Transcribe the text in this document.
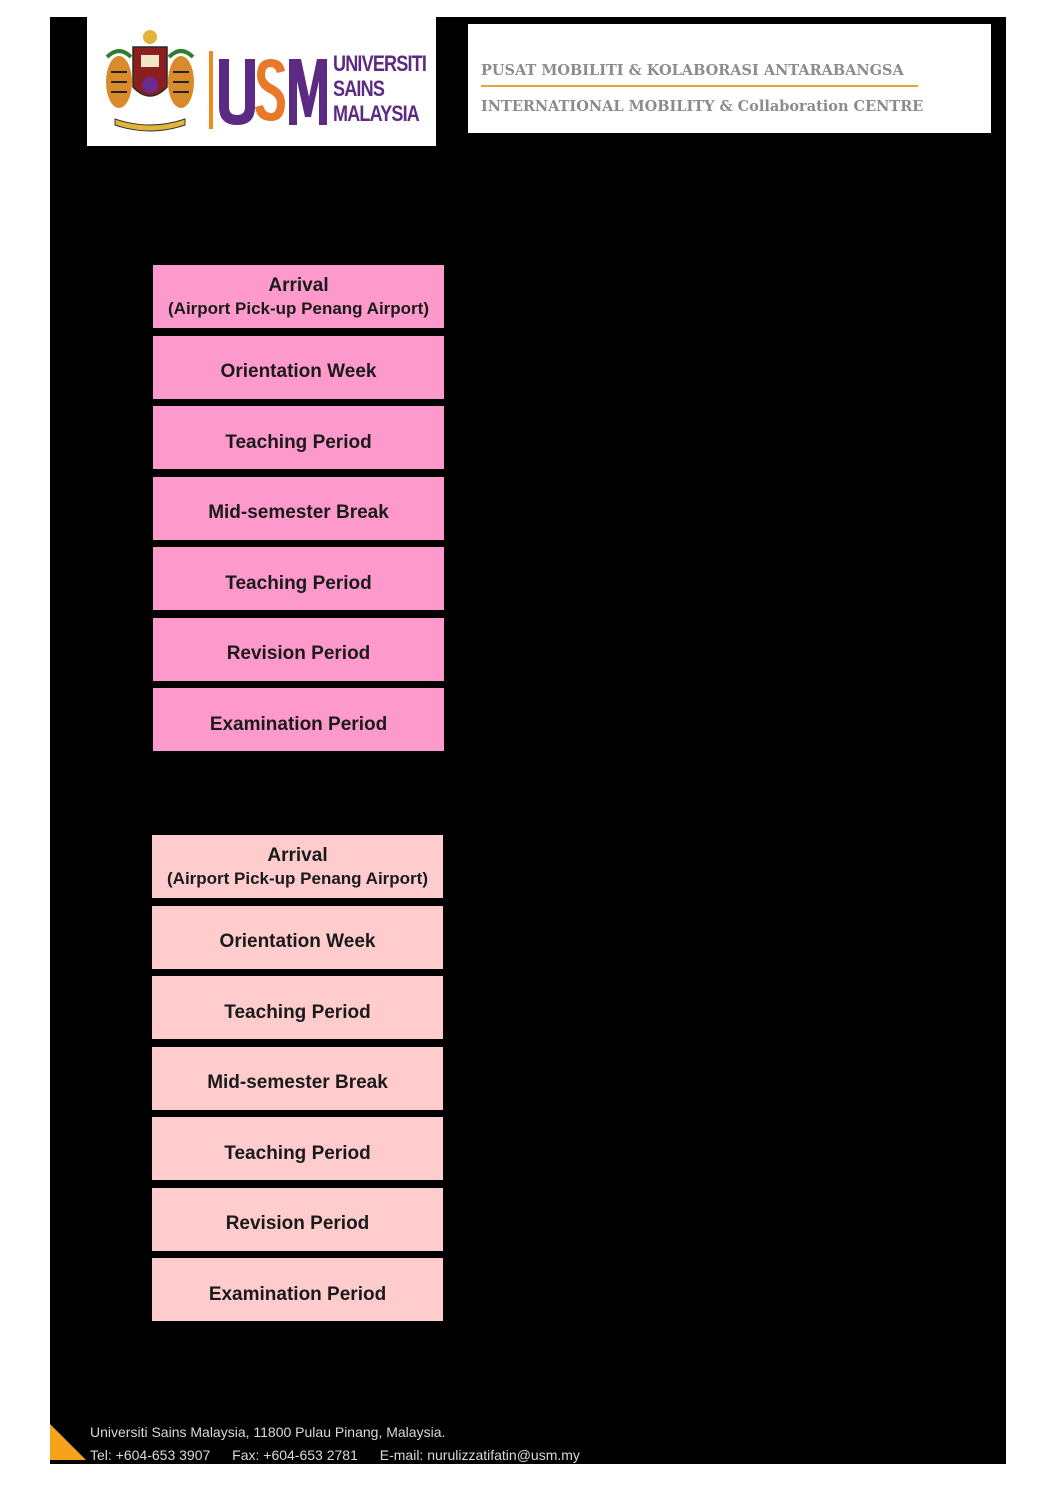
UNIVERSITI
SAINS
MALAYSIA
PUSAT MOBILITI & KOLABORASI ANTARABANGSA
INTERNATIONAL MOBILITY & Collaboration CENTRE
Arrival
(Airport Pick-up Penang Airport)
Orientation Week
Teaching Period
Mid-semester Break
Teaching Period
Revision Period
Examination Period
Arrival
(Airport Pick-up Penang Airport)
Orientation Week
Teaching Period
Mid-semester Break
Teaching Period
Revision Period
Examination Period
Universiti Sains Malaysia, 11800 Pulau Pinang, Malaysia.
Tel: +604-653 3907 Fax: +604-653 2781 E-mail: nurulizzatifatin@usm.my
